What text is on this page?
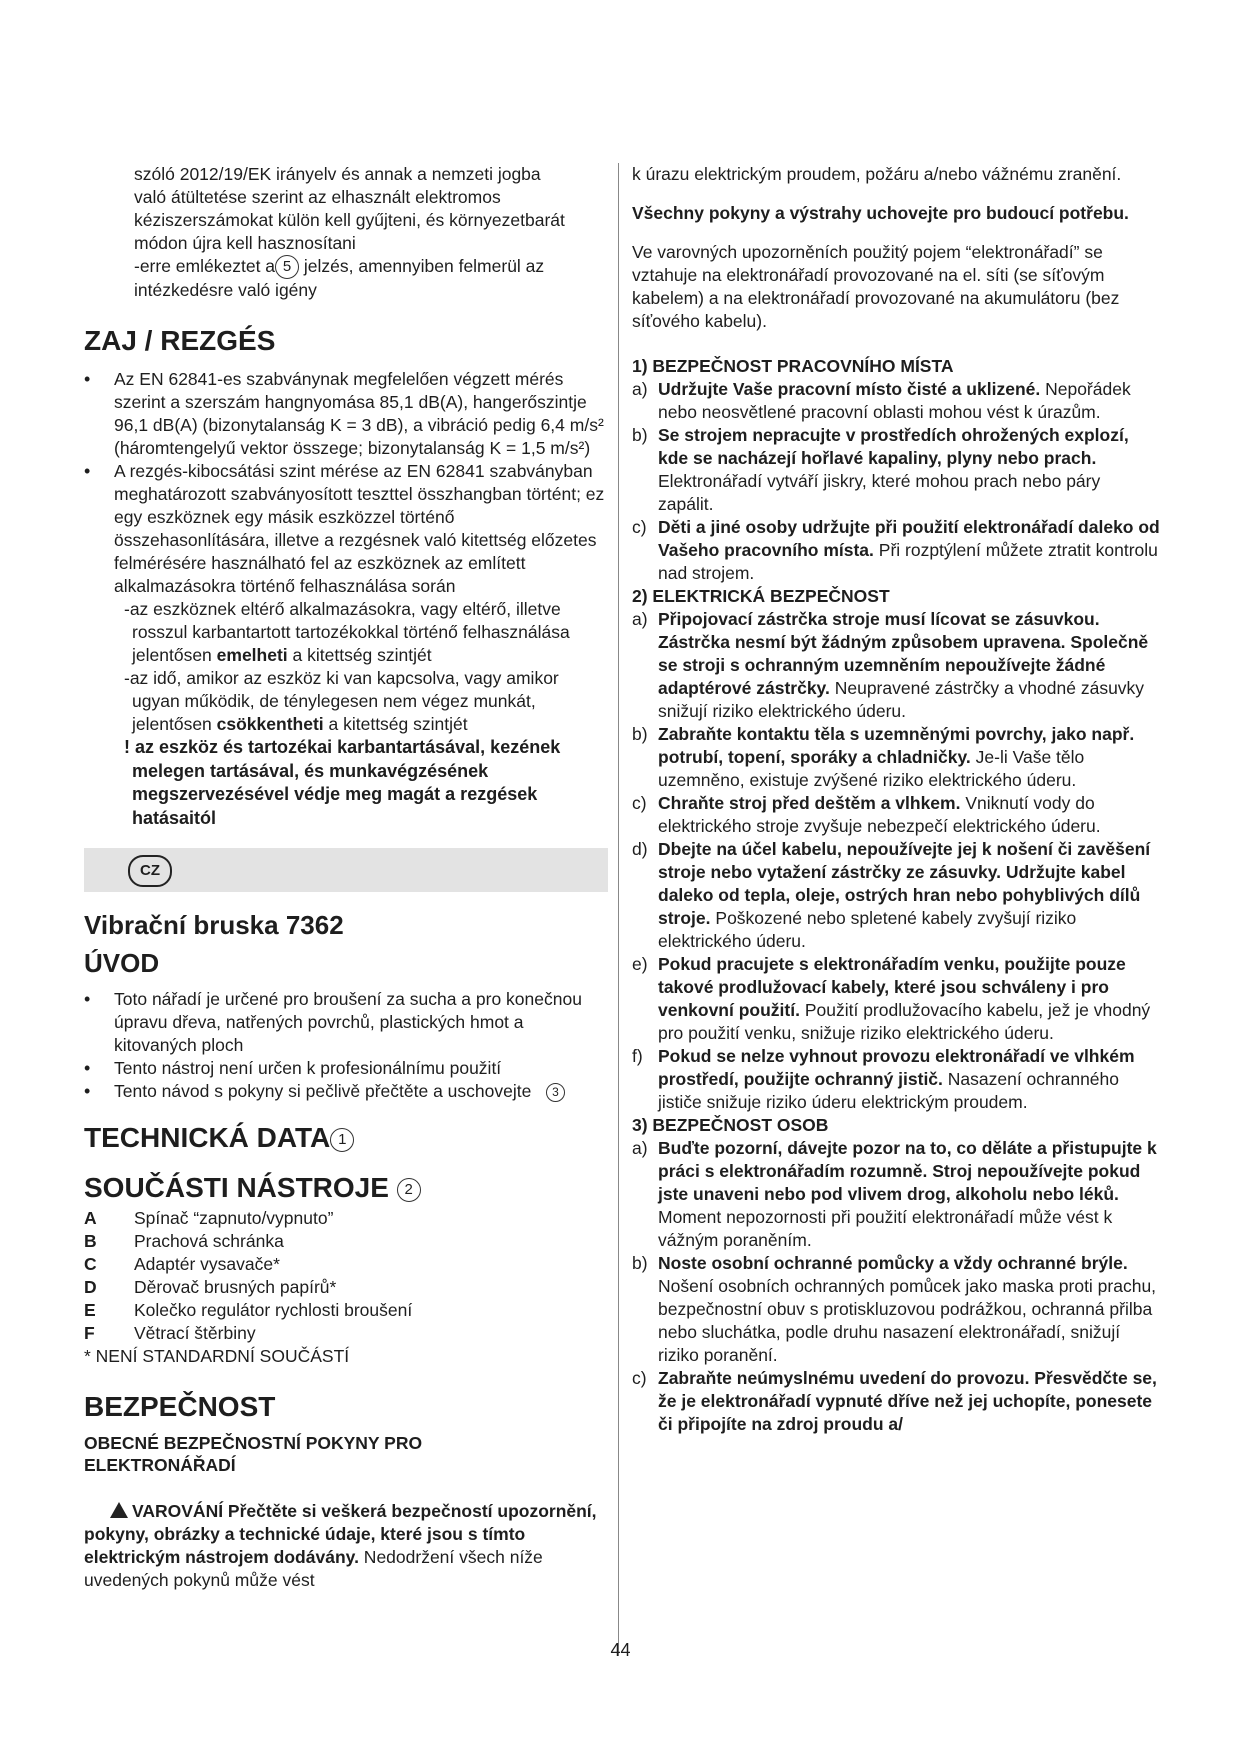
szóló 2012/19/EK irányelv és annak a nemzeti jogba
való átültetése szerint az elhasznált elektromos
kéziszerszámokat külön kell gyűjteni, és környezetbarát
módon újra kell hasznosítani
-erre emlékeztet a 5 jelzés, amennyiben felmerül az
intézkedésre való igény
ZAJ / REZGÉS
• Az EN 62841-es szabványnak megfelelően végzett mérés szerint a szerszám hangnyomása 85,1 dB(A), hangerőszintje 96,1 dB(A) (bizonytalanság K = 3 dB), a vibráció pedig 6,4 m/s² (háromtengelyű vektor összege; bizonytalanság K = 1,5 m/s²)
• A rezgés-kibocsátási szint mérése az EN 62841 szabványban meghatározott szabványosított teszttel összhangban történt; ez egy eszköznek egy másik eszközzel történő összehasonlítására, illetve a rezgésnek való kitettség előzetes felmérésére használható fel az eszköznek az említett alkalmazásokra történő felhasználása során
-az eszköznek eltérő alkalmazásokra, vagy eltérő, illetve rosszul karbantartott tartozékokkal történő felhasználása jelentősen emelheti a kitettség szintjét
-az idő, amikor az eszköz ki van kapcsolva, vagy amikor ugyan működik, de ténylegesen nem végez munkát, jelentősen csökkentheti a kitettség szintjét
! az eszköz és tartozékai karbantartásával, kezének melegen tartásával, és munkavégzésének megszervezésével védje meg magát a rezgések hatásaitól
CZ
Vibrační bruska 7362
ÚVOD
• Toto nářadí je určené pro broušení za sucha a pro konečnou úpravu dřeva, natřených povrchů, plastických hmot a kitovaných ploch
• Tento nástroj není určen k profesionálnímu použití
• Tento návod s pokyny si pečlivě přečtěte a uschovejte 3
TECHNICKÁ DATA 1
SOUČÁSTI NÁSTROJE 2
A	Spínač “zapnuto/vypnuto”
B	Prachová schránka
C	Adaptér vysavače*
D	Děrovač brusných papírů*
E	Kolečko regulátor rychlosti broušení
F	Větrací štěrbiny
* NENÍ STANDARDNÍ SOUČÁSTÍ
BEZPEČNOST
OBECNÉ BEZPEČNOSTNÍ POKYNY PRO ELEKTRONÁŘADÍ
VAROVÁNÍ Přečtěte si veškerá bezpečností upozornění, pokyny, obrázky a technické údaje, které jsou s tímto elektrickým nástrojem dodávány. Nedodržení všech níže uvedených pokynů může vést
k úrazu elektrickým proudem, požáru a/nebo vážnému zranění.
Všechny pokyny a výstrahy uchovejte pro budoucí potřebu.
Ve varovných upozorněních použitý pojem “elektronářadí” se vztahuje na elektronářadí provozované na el. síti (se síťovým kabelem) a na elektronářadí provozované na akumulátoru (bez síťového kabelu).
1) BEZPEČNOST PRACOVNÍHO MÍSTA
a) Udržujte Vaše pracovní místo čisté a uklizené. Nepořádek nebo neosvětlené pracovní oblasti mohou vést k úrazům.
b) Se strojem nepracujte v prostředích ohrožených explozí, kde se nacházejí hořlavé kapaliny, plyny nebo prach. Elektronářadí vytváří jiskry, které mohou prach nebo páry zapálit.
c) Děti a jiné osoby udržujte při použití elektronářadí daleko od Vašeho pracovního místa. Při rozptýlení můžete ztratit kontrolu nad strojem.
2) ELEKTRICKÁ BEZPEČNOST
a) Připojovací zástrčka stroje musí lícovat se zásuvkou. Zástrčka nesmí být žádným způsobem upravena. Společně se stroji s ochranným uzemněním nepoužívejte žádné adaptérové zástrčky. Neupravené zástrčky a vhodné zásuvky snižují riziko elektrického úderu.
b) Zabraňte kontaktu těla s uzemněnými povrchy, jako např. potrubí, topení, sporáky a chladničky. Je-li Vaše tělo uzemněno, existuje zvýšené riziko elektrického úderu.
c) Chraňte stroj před deštěm a vlhkem. Vniknutí vody do elektrického stroje zvyšuje nebezpečí elektrického úderu.
d) Dbejte na účel kabelu, nepoužívejte jej k nošení či zavěšení stroje nebo vytažení zástrčky ze zásuvky. Udržujte kabel daleko od tepla, oleje, ostrých hran nebo pohyblivých dílů stroje. Poškozené nebo spletené kabely zvyšují riziko elektrického úderu.
e) Pokud pracujete s elektronářadím venku, použijte pouze takové prodlužovací kabely, které jsou schváleny i pro venkovní použití. Použití prodlužovacího kabelu, jež je vhodný pro použití venku, snižuje riziko elektrického úderu.
f) Pokud se nelze vyhnout provozu elektronářadí ve vlhkém prostředí, použijte ochranný jistič. Nasazení ochranného jističe snižuje riziko úderu elektrickým proudem.
3) BEZPEČNOST OSOB
a) Buďte pozorní, dávejte pozor na to, co děláte a přistupujte k práci s elektronářadím rozumně. Stroj nepoužívejte pokud jste unaveni nebo pod vlivem drog, alkoholu nebo léků. Moment nepozornosti při použití elektronářadí může vést k vážným poraněním.
b) Noste osobní ochranné pomůcky a vždy ochranné brýle. Nošení osobních ochranných pomůcek jako maska proti prachu, bezpečnostní obuv s protiskluzovou podrážkou, ochranná přilba nebo sluchátka, podle druhu nasazení elektronářadí, snižují riziko poranění.
c) Zabraňte neúmyslnému uvedení do provozu. Přesvědčte se, že je elektronářadí vypnuté dříve než jej uchopíte, ponesete či připojíte na zdroj proudu a/
44
